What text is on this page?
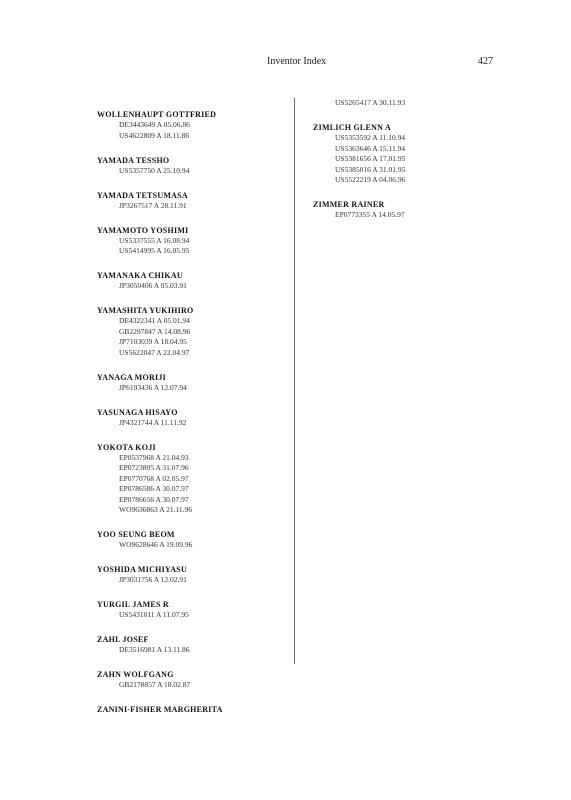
Inventor Index	427
WOLLENHAUPT GOTTFRIED
DE3443649 A 05.06.86
US4622809 A 18.11.86
YAMADA TESSHO
US5357750 A 25.10.94
YAMADA TETSUMASA
JP3267517 A 28.11.91
YAMAMOTO YOSHIMI
US5337555 A 16.08.94
US5414995 A 16.05.95
YAMANAKA CHIKAU
JP3050406 A 05.03.91
YAMASHITA YUKIHIRO
DE4322341 A 05.01.94
GB2297847 A 14.08.96
JP7103039 A 18.04.95
US5622047 A 22.04.97
YANAGA MORIJI
JP6193436 A 12.07.94
YASUNAGA HISAYO
JP4321744 A 11.11.92
YOKOTA KOJI
EP0537968 A 21.04.93
EP0723805 A 31.07.96
EP0770768 A 02.05.97
EP0786586 A 30.07.97
EP0786656 A 30.07.97
WO9636863 A 21.11.96
YOO SEUNG BEOM
WO9628646 A 19.09.96
YOSHIDA MICHIYASU
JP3031756 A 12.02.91
YURGIL JAMES R
US5431011 A 11.07.95
ZAHL JOSEF
DE3516981 A 13.11.86
ZAHN WOLFGANG
GB2178857 A 18.02.87
ZANINI-FISHER MARGHERITA
US5265417 A 30.11.93
ZIMLICH GLENN A
US5353592 A 11.10.94
US5363646 A 15.11.94
US5381656 A 17.01.95
US5385016 A 31.01.95
US5522219 A 04.06.96
ZIMMER RAINER
EP0773355 A 14.05.97
